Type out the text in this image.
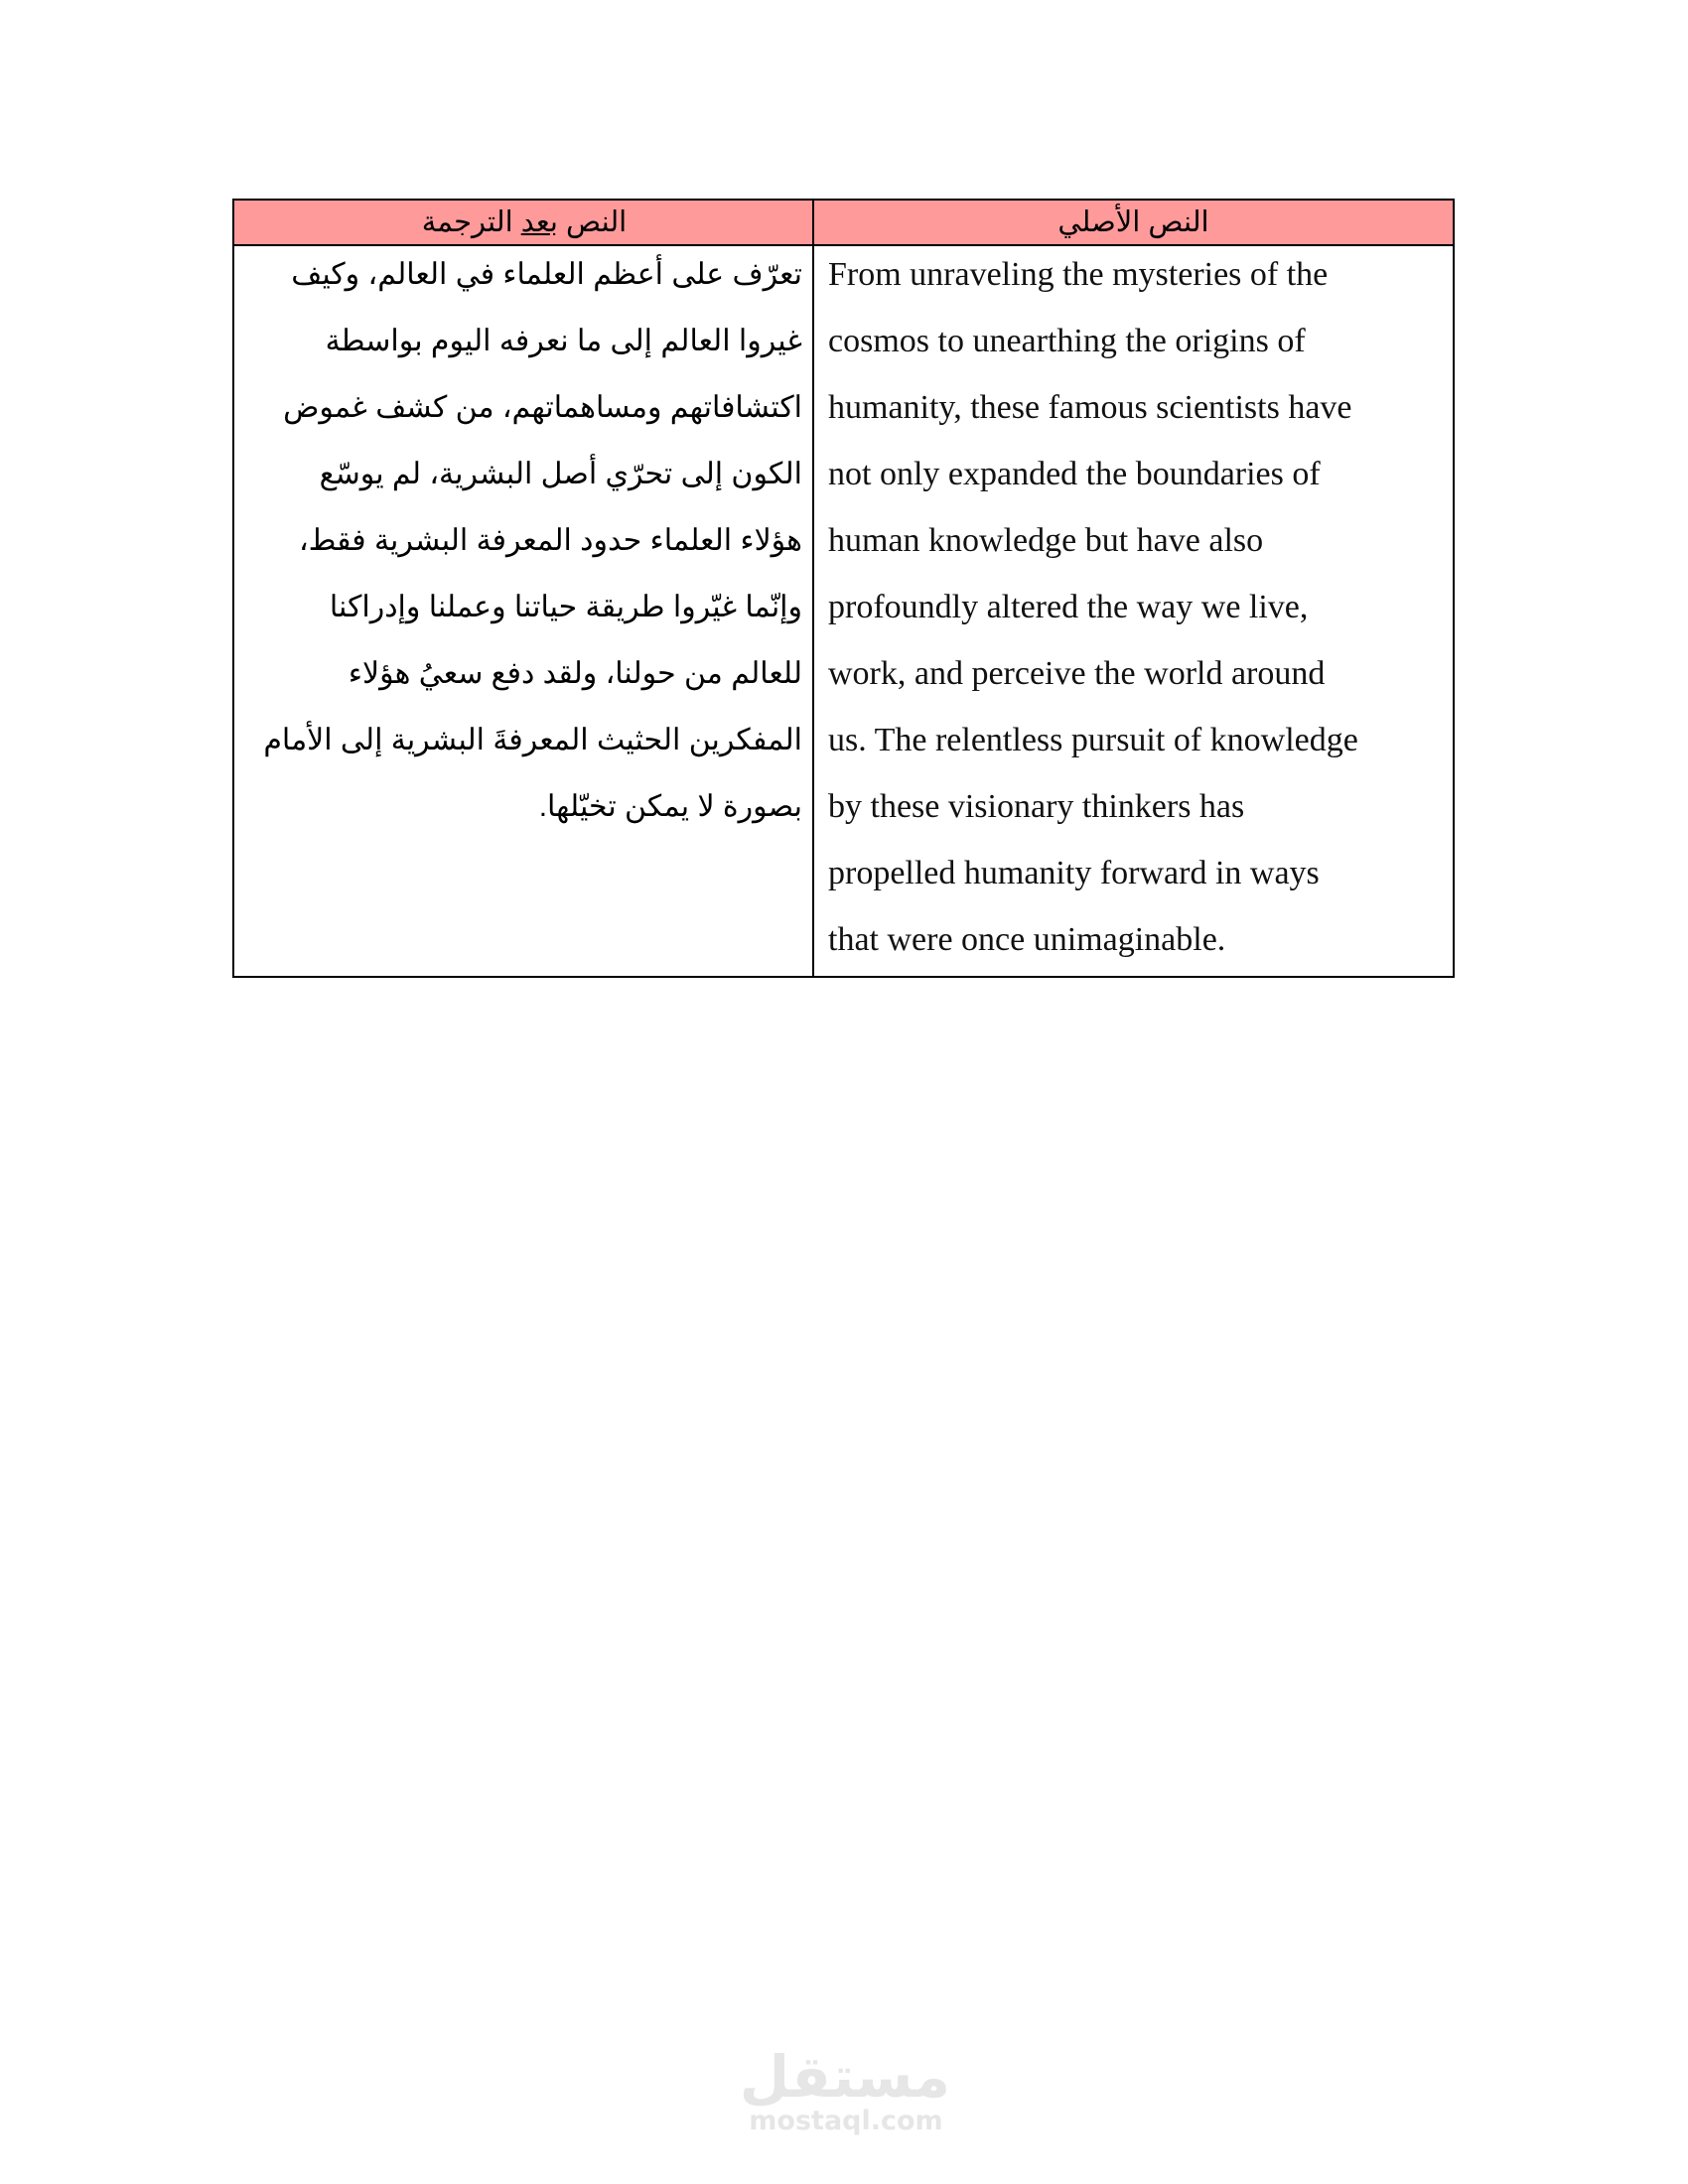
النص بعد الترجمة	النص الأصلي
تعرّف على أعظم العلماء في العالم، وكيف
غيروا العالم إلى ما نعرفه اليوم بواسطة
اكتشافاتهم ومساهماتهم، من كشف غموض
الكون إلى تحرّي أصل البشرية، لم يوسّع
هؤلاء العلماء حدود المعرفة البشرية فقط،
وإنّما غيّروا طريقة حياتنا وعملنا وإدراكنا
للعالم من حولنا، ولقد دفع سعيُ هؤلاء
المفكرين الحثيث المعرفةَ البشرية إلى الأمام
بصورة لا يمكن تخيّلها.
From unraveling the mysteries of the
cosmos to unearthing the origins of
humanity, these famous scientists have
not only expanded the boundaries of
human knowledge but have also
profoundly altered the way we live,
work, and perceive the world around
us. The relentless pursuit of knowledge
by these visionary thinkers has
propelled humanity forward in ways
that were once unimaginable.
مستقل
mostaql.com
